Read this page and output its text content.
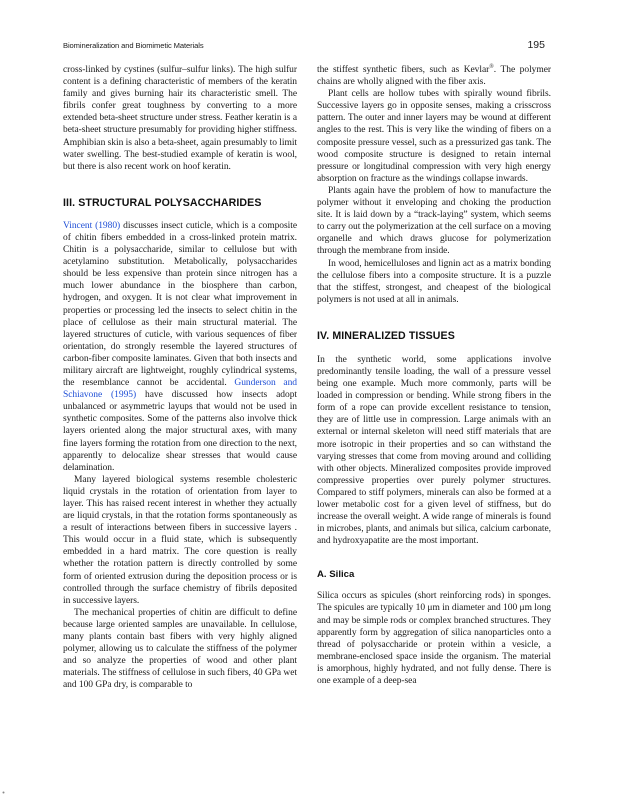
Biomineralization and Biomimetic Materials	195

cross-linked by cystines (sulfur–sulfur links). The high sulfur content is a defining characteristic of members of the keratin family and gives burning hair its characteristic smell. The fibrils confer great toughness by converting to a more extended beta-sheet structure under stress. Feather keratin is a beta-sheet structure presumably for providing higher stiffness. Amphibian skin is also a beta-sheet, again presumably to limit water swelling. The best-studied example of keratin is wool, but there is also recent work on hoof keratin.

III. STRUCTURAL POLYSACCHARIDES

Vincent (1980) discusses insect cuticle, which is a composite of chitin fibers embedded in a cross-linked protein matrix. Chitin is a polysaccharide, similar to cellulose but with acetylamino substitution. Metabolically, polysaccharides should be less expensive than protein since nitrogen has a much lower abundance in the biosphere than carbon, hydrogen, and oxygen. It is not clear what improvement in properties or processing led the insects to select chitin in the place of cellulose as their main structural material. The layered structures of cuticle, with various sequences of fiber orientation, do strongly resemble the layered structures of carbon-fiber composite laminates. Given that both insects and military aircraft are lightweight, roughly cylindrical systems, the resemblance cannot be accidental. Gunderson and Schiavone (1995) have discussed how insects adopt unbalanced or asymmetric layups that would not be used in synthetic composites. Some of the patterns also involve thick layers oriented along the major structural axes, with many fine layers forming the rotation from one direction to the next, apparently to delocalize shear stresses that would cause delamination.

Many layered biological systems resemble cholesteric liquid crystals in the rotation of orientation from layer to layer. This has raised recent interest in whether they actually are liquid crystals, in that the rotation forms spontaneously as a result of interactions between fibers in successive layers . This would occur in a fluid state, which is subsequently embedded in a hard matrix. The core question is really whether the rotation pattern is directly controlled by some form of oriented extrusion during the deposition process or is controlled through the surface chemistry of fibrils deposited in successive layers.

The mechanical properties of chitin are difficult to define because large oriented samples are unavailable. In cellulose, many plants contain bast fibers with very highly aligned polymer, allowing us to calculate the stiffness of the polymer and so analyze the properties of wood and other plant materials. The stiffness of cellulose in such fibers, 40 GPa wet and 100 GPa dry, is comparable to

the stiffest synthetic fibers, such as Kevlar®. The polymer chains are wholly aligned with the fiber axis.

Plant cells are hollow tubes with spirally wound fibrils. Successive layers go in opposite senses, making a crisscross pattern. The outer and inner layers may be wound at different angles to the rest. This is very like the winding of fibers on a composite pressure vessel, such as a pressurized gas tank. The wood composite structure is designed to retain internal pressure or longitudinal compression with very high energy absorption on fracture as the windings collapse inwards.

Plants again have the problem of how to manufacture the polymer without it enveloping and choking the production site. It is laid down by a “track-laying” system, which seems to carry out the polymerization at the cell surface on a moving organelle and which draws glucose for polymerization through the membrane from inside.

In wood, hemicelluloses and lignin act as a matrix bonding the cellulose fibers into a composite structure. It is a puzzle that the stiffest, strongest, and cheapest of the biological polymers is not used at all in animals.

IV. MINERALIZED TISSUES

In the synthetic world, some applications involve predominantly tensile loading, the wall of a pressure vessel being one example. Much more commonly, parts will be loaded in compression or bending. While strong fibers in the form of a rope can provide excellent resistance to tension, they are of little use in compression. Large animals with an external or internal skeleton will need stiff materials that are more isotropic in their properties and so can withstand the varying stresses that come from moving around and colliding with other objects. Mineralized composites provide improved compressive properties over purely polymer structures. Compared to stiff polymers, minerals can also be formed at a lower metabolic cost for a given level of stiffness, but do increase the overall weight. A wide range of minerals is found in microbes, plants, and animals but silica, calcium carbonate, and hydroxyapatite are the most important.

A. Silica

Silica occurs as spicules (short reinforcing rods) in sponges. The spicules are typically 10 μm in diameter and 100 μm long and may be simple rods or complex branched structures. They apparently form by aggregation of silica nanoparticles onto a thread of polysaccharide or protein within a vesicle, a membrane-enclosed space inside the organism. The material is amorphous, highly hydrated, and not fully dense. There is one example of a deep-sea
